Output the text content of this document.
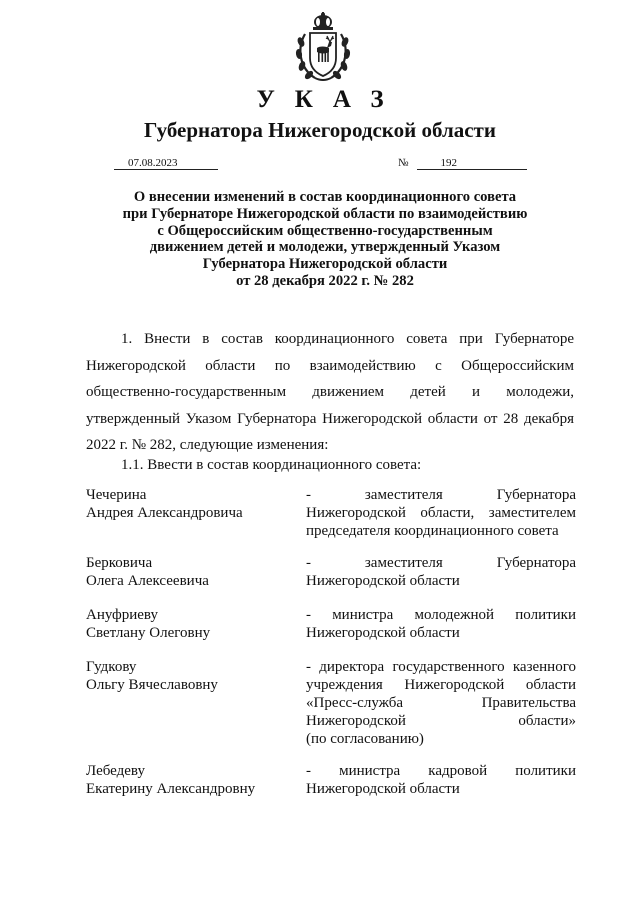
УКАЗ
Губернатора Нижегородской области
07.08.2023	№	192
О внесении изменений в состав координационного совета
при Губернаторе Нижегородской области по взаимодействию
с Общероссийским общественно-государственным
движением детей и молодежи, утвержденный Указом
Губернатора Нижегородской области
от 28 декабря 2022 г. № 282
1. Внести в состав координационного совета при Губернаторе Нижегородской области по взаимодействию с Общероссийским общественно-государственным движением детей и молодежи, утвержденный Указом Губернатора Нижегородской области от 28 декабря 2022 г. № 282, следующие изменения:
1.1. Ввести в состав координационного совета:
Чечерина
Андрея Александровича
- заместителя Губернатора
Нижегородской области, заместителем
председателя координационного совета
Берковича
Олега Алексеевича
- заместителя Губернатора
Нижегородской области
Ануфриеву
Светлану Олеговну
- министра молодежной политики
Нижегородской области
Гудкову
Ольгу Вячеславовну
- директора государственного казенного
учреждения Нижегородской области
«Пресс-служба Правительства
Нижегородской области»
(по согласованию)
Лебедеву
Екатерину Александровну
- министра кадровой политики
Нижегородской области
